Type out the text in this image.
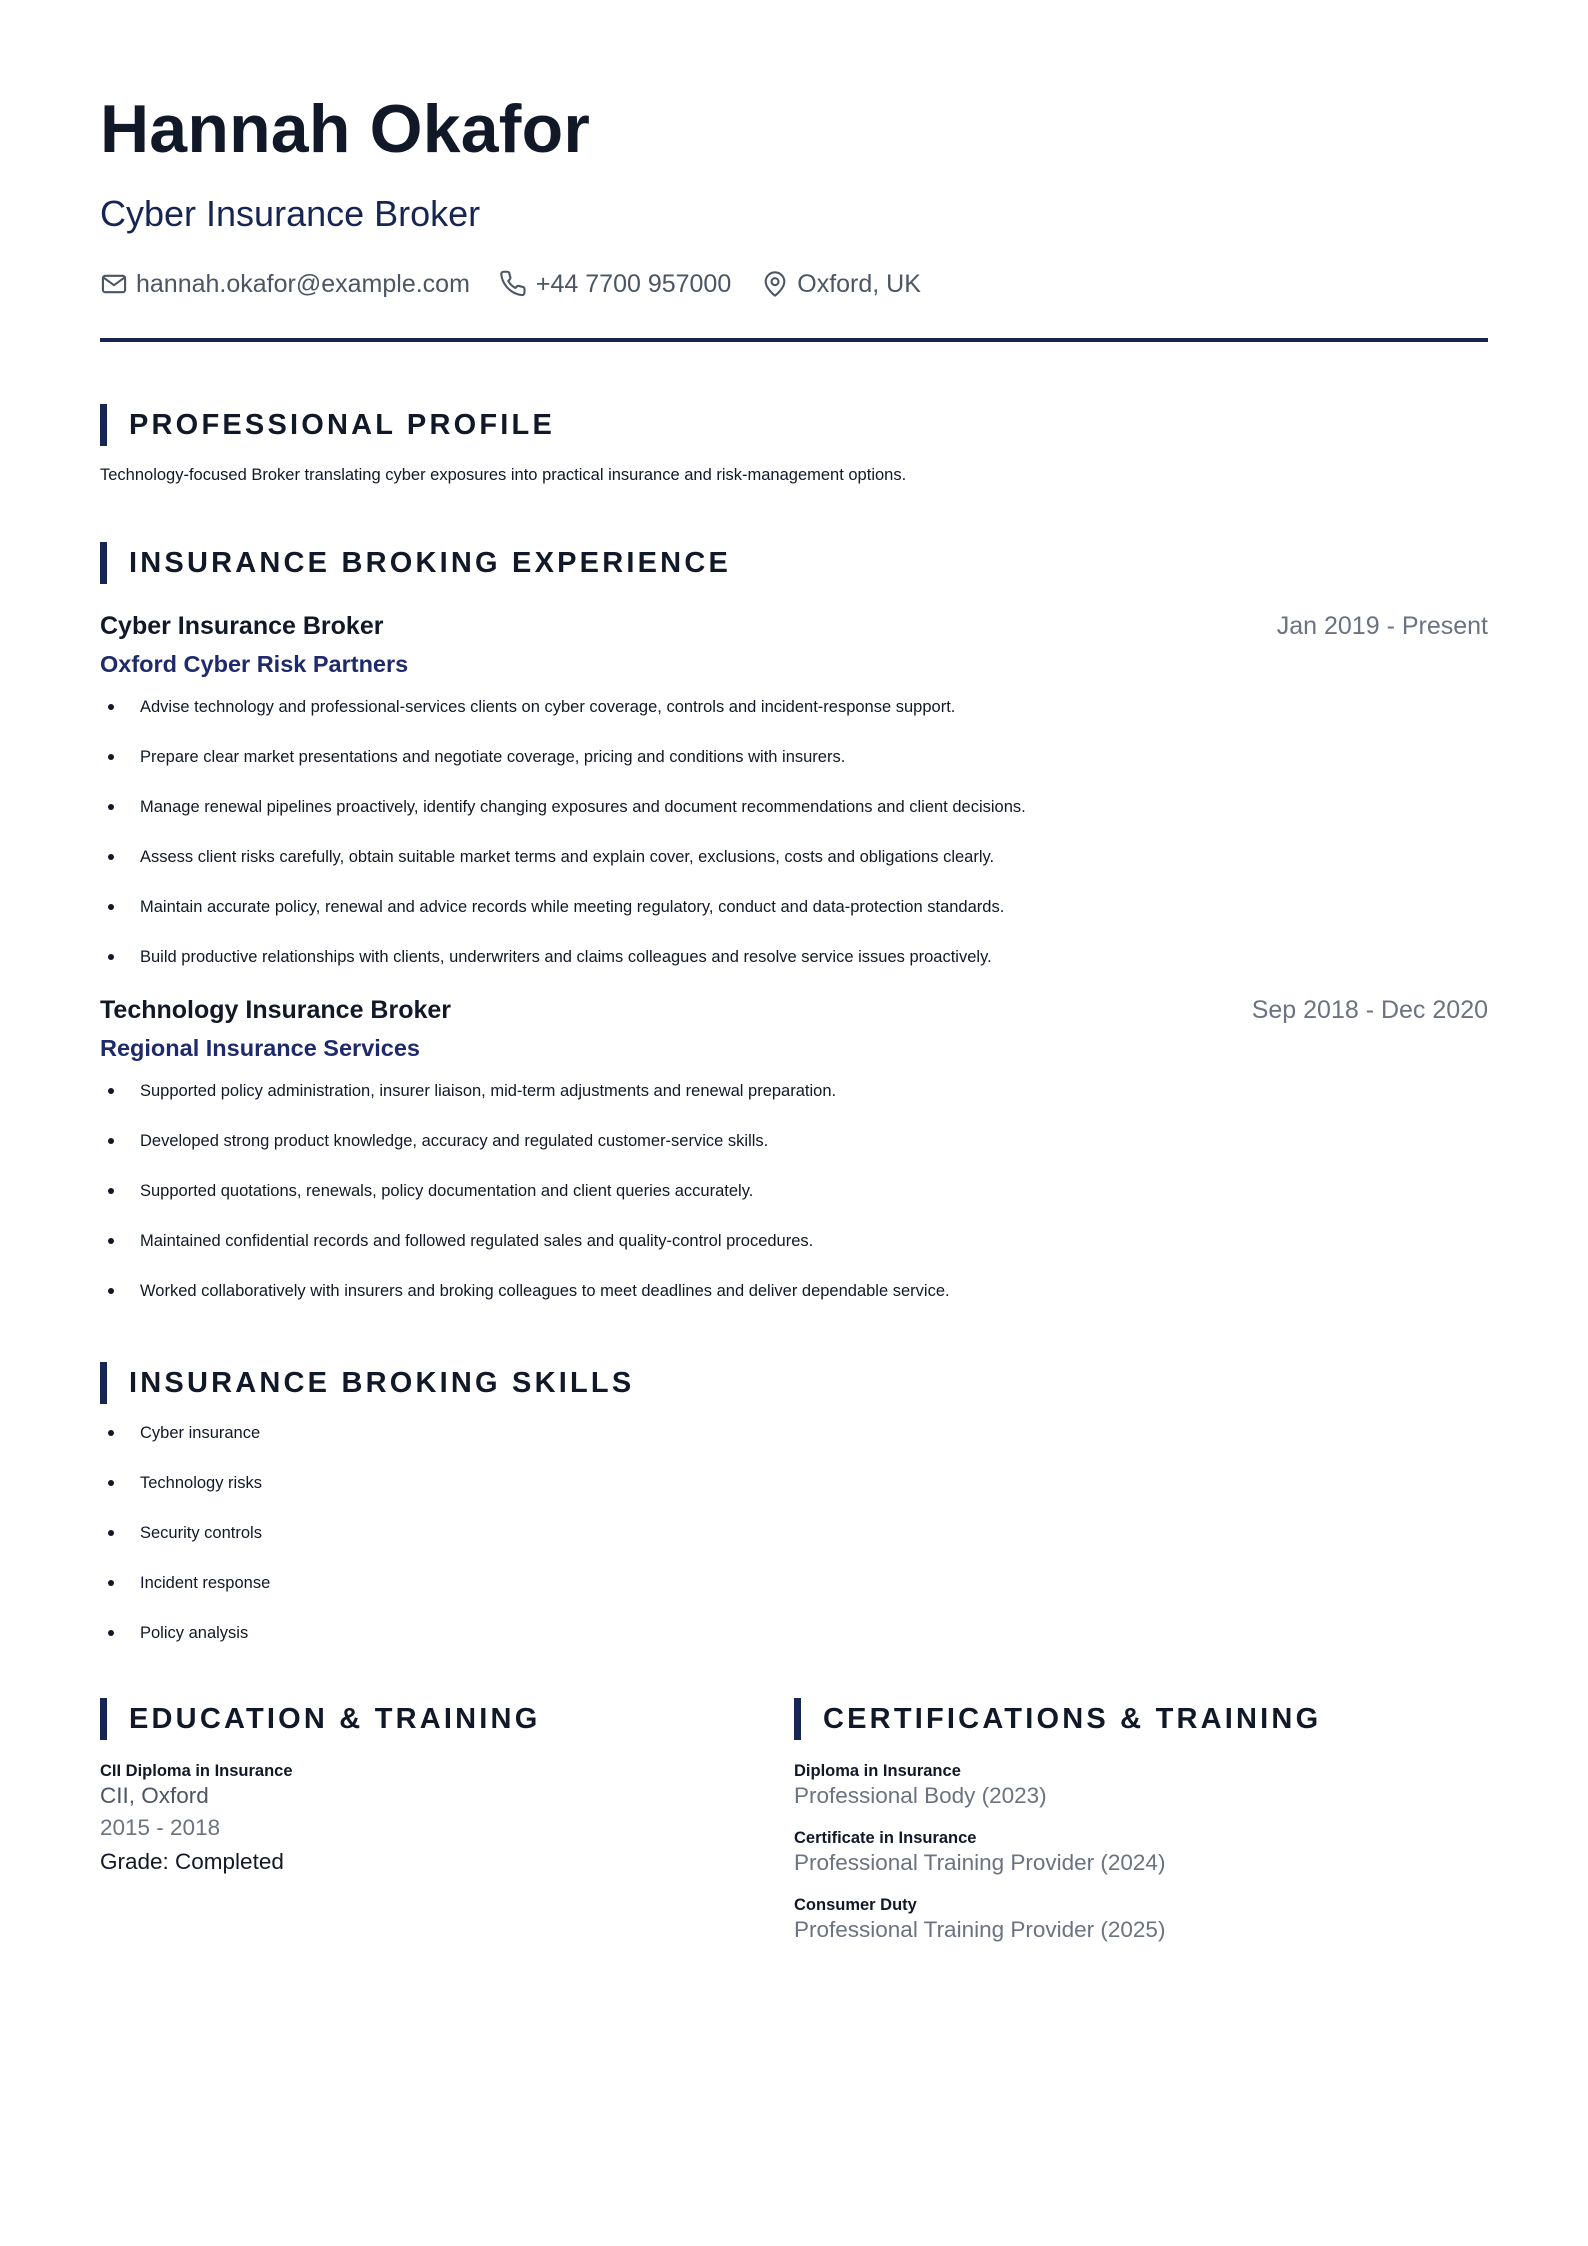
Hannah Okafor
Cyber Insurance Broker
hannah.okafor@example.com	+44 7700 957000	Oxford, UK
PROFESSIONAL PROFILE
Technology-focused Broker translating cyber exposures into practical insurance and risk-management options.
INSURANCE BROKING EXPERIENCE
Cyber Insurance Broker	Jan 2019 - Present
Oxford Cyber Risk Partners
Advise technology and professional-services clients on cyber coverage, controls and incident-response support.
Prepare clear market presentations and negotiate coverage, pricing and conditions with insurers.
Manage renewal pipelines proactively, identify changing exposures and document recommendations and client decisions.
Assess client risks carefully, obtain suitable market terms and explain cover, exclusions, costs and obligations clearly.
Maintain accurate policy, renewal and advice records while meeting regulatory, conduct and data-protection standards.
Build productive relationships with clients, underwriters and claims colleagues and resolve service issues proactively.
Technology Insurance Broker	Sep 2018 - Dec 2020
Regional Insurance Services
Supported policy administration, insurer liaison, mid-term adjustments and renewal preparation.
Developed strong product knowledge, accuracy and regulated customer-service skills.
Supported quotations, renewals, policy documentation and client queries accurately.
Maintained confidential records and followed regulated sales and quality-control procedures.
Worked collaboratively with insurers and broking colleagues to meet deadlines and deliver dependable service.
INSURANCE BROKING SKILLS
Cyber insurance
Technology risks
Security controls
Incident response
Policy analysis
EDUCATION & TRAINING
CII Diploma in Insurance
CII, Oxford
2015 - 2018
Grade: Completed
CERTIFICATIONS & TRAINING
Diploma in Insurance
Professional Body (2023)
Certificate in Insurance
Professional Training Provider (2024)
Consumer Duty
Professional Training Provider (2025)
